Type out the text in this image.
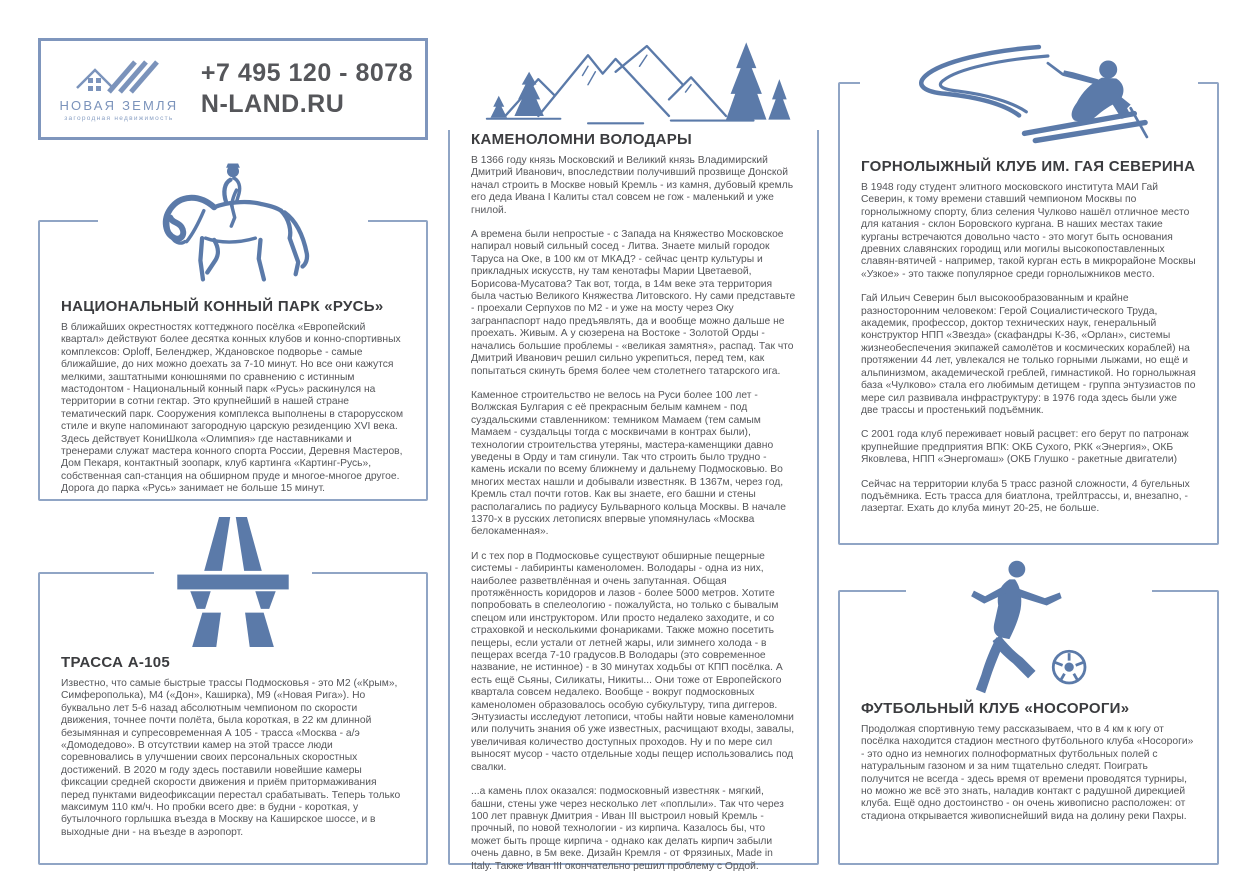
НОВАЯ ЗЕМЛЯ
загородная недвижимость
+7 495 120 - 8078
N-LAND.RU
НАЦИОНАЛЬНЫЙ КОННЫЙ ПАРК «РУСЬ»

В ближайших окрестностях коттеджного посёлка «Европейский квартал» действуют более десятка конных клубов и конно-спортивных комплексов: Орloff, Беленджер, Ждановское подворье - самые ближайшие, до них можно доехать за 7-10 минут. Но все они кажутся мелкими, заштатными конюшнями по сравнению с истинным мастодонтом - Национальный конный парк «Русь» раскинулся на территории в сотни гектар. Это крупнейший в нашей стране тематический парк. Сооружения комплекса выполнены в старорусском стиле и вкупе напоминают загородную царскую резиденцию XVI века. Здесь действует КониШкола «Олимпия» где наставниками и тренерами служат мастера конного спорта России, Деревня Мастеров, Дом Пекаря, контактный зоопарк, клуб картинга «Картинг-Русь», собственная сап-станция на обширном пруде и многое-многое другое. Дорога до парка «Русь» занимает не больше 15 минут.

ТРАССА А-105

Известно, что самые быстрые трассы Подмосковья - это М2 («Крым», Симферополька), М4 («Дон», Каширка), М9 («Новая Рига»). Но буквально лет 5-6 назад абсолютным чемпионом по скорости движения, точнее почти полёта, была короткая, в 22 км длинной безымянная и супресовременная А 105 - трасса «Москва - а/э «Домодедово». В отсутствии камер на этой трассе люди соревновались в улучшении своих персональных скоростных достижений. В 2020 м году здесь поставили новейшие камеры фиксации средней скорости движения и приём притормаживания перед пунктами видеофиксации перестал срабатывать. Теперь только максимум 110 км/ч. Но пробки всего две: в будни - короткая, у бутылочного горлышка въезда в Москву на Каширское шоссе, и в выходные дни - на въезде в аэропорт.

КАМЕНОЛОМНИ ВОЛОДАРЫ

В 1366 году князь Московский и Великий князь Владимирский Дмитрий Иванович, впоследствии получивший прозвище Донской начал строить в Москве новый Кремль - из камня, дубовый кремль его деда Ивана I Калиты стал совсем не гож - маленький и уже гнилой.

А времена были непростые - с Запада на Княжество Московское напирал новый сильный сосед - Литва. Знаете милый городок Таруса на Оке, в 100 км от МКАД? - сейчас центр культуры и прикладных искусств, ну там кенотафы Марии Цветаевой, Борисова-Мусатова? Так вот, тогда, в 14м веке эта территория была частью Великого Княжества Литовского. Ну сами представьте - проехали Серпухов по М2 - и уже на мосту через Оку загранпаспорт надо предъявлять, да и вообще можно дальше не проехать. Живым. А у сюзерена на Востоке - Золотой Орды - начались большие проблемы - «великая замятня», распад. Так что Дмитрий Иванович решил сильно укрепиться, перед тем, как попытаться скинуть бремя более чем столетнего татарского ига.

Каменное строительство не велось на Руси более 100 лет - Волжская Булгария с её прекрасным белым камнем - под суздальскими ставленником: темником Мамаем (тем самым Мамаем - суздальцы тогда с москвичами в контрах были), технологии строительства утеряны, мастера-каменщики давно уведены в Орду и там сгинули. Так что строить было трудно - камень искали по всему ближнему и дальнему Подмосковью. Во многих местах нашли и добывали известняк. В 1367м, через год, Кремль стал почти готов. Как вы знаете, его башни и стены располагались по радиусу Бульварного кольца Москвы. В начале 1370-х в русских летописях впервые упомянулась «Москва белокаменная».

И с тех пор в Подмосковье существуют обширные пещерные системы - лабиринты каменоломен. Володары - одна из них, наиболее разветвлённая и очень запутанная. Общая протяжённость коридоров и лазов - более 5000 метров. Хотите попробовать в спелеологию - пожалуйста, но только с бывалым спецом или инструктором. Или просто недалеко заходите, и со страховкой и несколькими фонариками. Также можно посетить пещеры, если устали от летней жары, или зимнего холода - в пещерах всегда 7-10 градусов.В Володары (это современное название, не истинное) - в 30 минутах ходьбы от КПП посёлка. А есть ещё Сьяны, Силикаты, Никиты... Они тоже от Европейского квартала совсем недалеко. Вообще - вокруг подмосковных каменоломен образовалось особую субкультуру, типа диггеров. Энтузиасты исследуют летописи, чтобы найти новые каменоломни или получить знания об уже известных, расчищают входы, завалы, увеличивая количество доступных проходов. Ну и по мере сил выносят мусор - часто отдельные ходы пещер использовались под свалки.

...а камень плох оказался: подмосковный известняк - мягкий, башни, стены уже через несколько лет «поплыли». Так что через 100 лет правнук Дмитрия - Иван III выстроил новый Кремль - прочный, по новой технологии - из кирпича. Казалось бы, что может быть проще кирпича - однако как делать кирпич забыли очень давно, в 5м веке. Дизайн Кремля - от Фрязиных, Made in Italy. Также Иван III окончательно решил проблему с Ордой.

ГОРНОЛЫЖНЫЙ КЛУБ ИМ. ГАЯ СЕВЕРИНА

В 1948 году студент элитного московского института МАИ Гай Северин, к тому времени ставший чемпионом Москвы по горнолыжному спорту, близ селения Чулково нашёл отличное место для катания - склон Боровского кургана. В наших местах такие курганы встречаются довольно часто - это могут быть основания древних славянских городищ или могилы высокопоставленных славян-вятичей - например, такой курган есть в микрорайоне Москвы «Узкое» - это также популярное среди горнолыжников место.

Гай Ильич Северин был высокообразованным и крайне разносторонним человеком: Герой Социалистического Труда, академик, профессор, доктор технических наук, генеральный конструктор НПП «Звезда» (скафандры К-36, «Орлан», системы жизнеобеспечения экипажей самолётов и космических кораблей) на протяжении 44 лет, увлекался не только горными лыжами, но ещё и альпинизмом, академической греблей, гимнастикой. Но горнолыжная база «Чулково» стала его любимым детищем - группа энтузиастов по мере сил развивала инфраструктуру: в 1976 года здесь были уже две трассы и простенький подъёмник.

С 2001 года клуб переживает новый расцвет: его берут по патронаж крупнейшие предприятия ВПК: ОКБ Сухого, РКК «Энергия», ОКБ Яковлева, НПП «Энергомаш» (ОКБ Глушко - ракетные двигатели)

Сейчас на территории клуба 5 трасс разной сложности, 4 бугельных подъёмника. Есть трасса для биатлона, трейлтрассы, и, внезапно, - лазертаг. Ехать до клуба минут 20-25, не больше.

ФУТБОЛЬНЫЙ КЛУБ «НОСОРОГИ»

Продолжая спортивную тему рассказываем, что в 4 км к югу от посёлка находится стадион местного футбольного клуба «Носороги» - это одно из немногих полноформатных футбольных полей с натуральным газоном и за ним тщательно следят. Поиграть получится не всегда - здесь время от времени проводятся турниры, но можно же всё это знать, наладив контакт с радушной дирекцией клуба. Ещё одно достоинство - он очень живописно расположен: от стадиона открывается живописнейший вида на долину реки Пахры.
